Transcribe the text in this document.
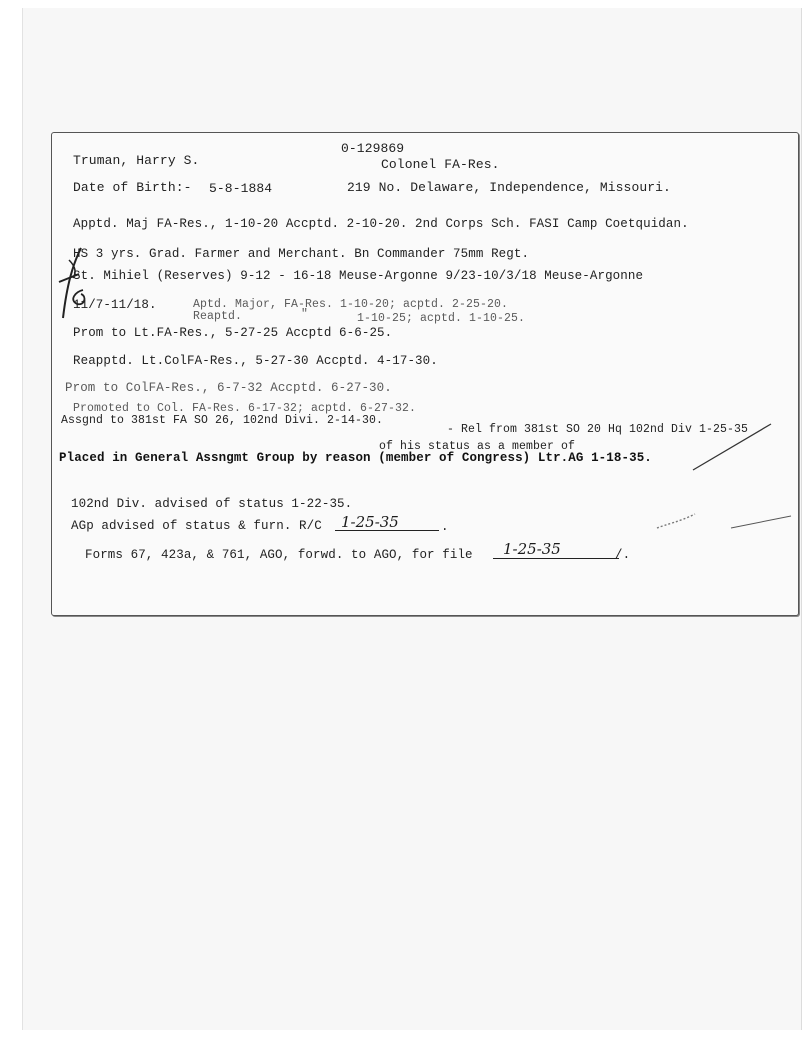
Truman, Harry S.
0-129869
Colonel FA-Res.
Date of Birth:- 5-8-1884	219 No. Delaware, Independence, Missouri.
Apptd. Maj FA-Res., 1-10-20 Accptd. 2-10-20. 2nd Corps Sch. FASI Camp Coetquidan.
HS 3 yrs. Grad. Farmer and Merchant. Bn Commander 75mm Regt.
St. Mihiel (Reserves) 9-12 - 16-18 Meuse-Argonne 9/23-10/3/18 Meuse-Argonne
11/7-11/18.	Aptd. Major, FA-Res. 1-10-20; acptd. 2-25-20.
Reaptd.	"	1-10-25; acptd. 1-10-25.
Prom to Lt.FA-Res., 5-27-25 Accptd 6-6-25.
Reapptd. Lt.ColFA-Res., 5-27-30 Accptd. 4-17-30.
Prom to ColFA-Res., 6-7-32 Accptd. 6-27-30.
Promoted to Col. FA-Res. 6-17-32; acptd. 6-27-32.
Assgnd to 381st FA SO 26, 102nd Divi. 2-14-30.
- Rel from 381st SO 20 Hq 102nd Div 1-25-35
of his status as a member of
Placed in General Assngmt Group by reason (member of Congress) Ltr.AG 1-18-35.
102nd Div. advised of status 1-22-35.
AGp advised of status & furn. R/C 1-25-35	.
Forms 67, 423a, & 761, AGO, forwd. to AGO, for file 1-25-35	/.
